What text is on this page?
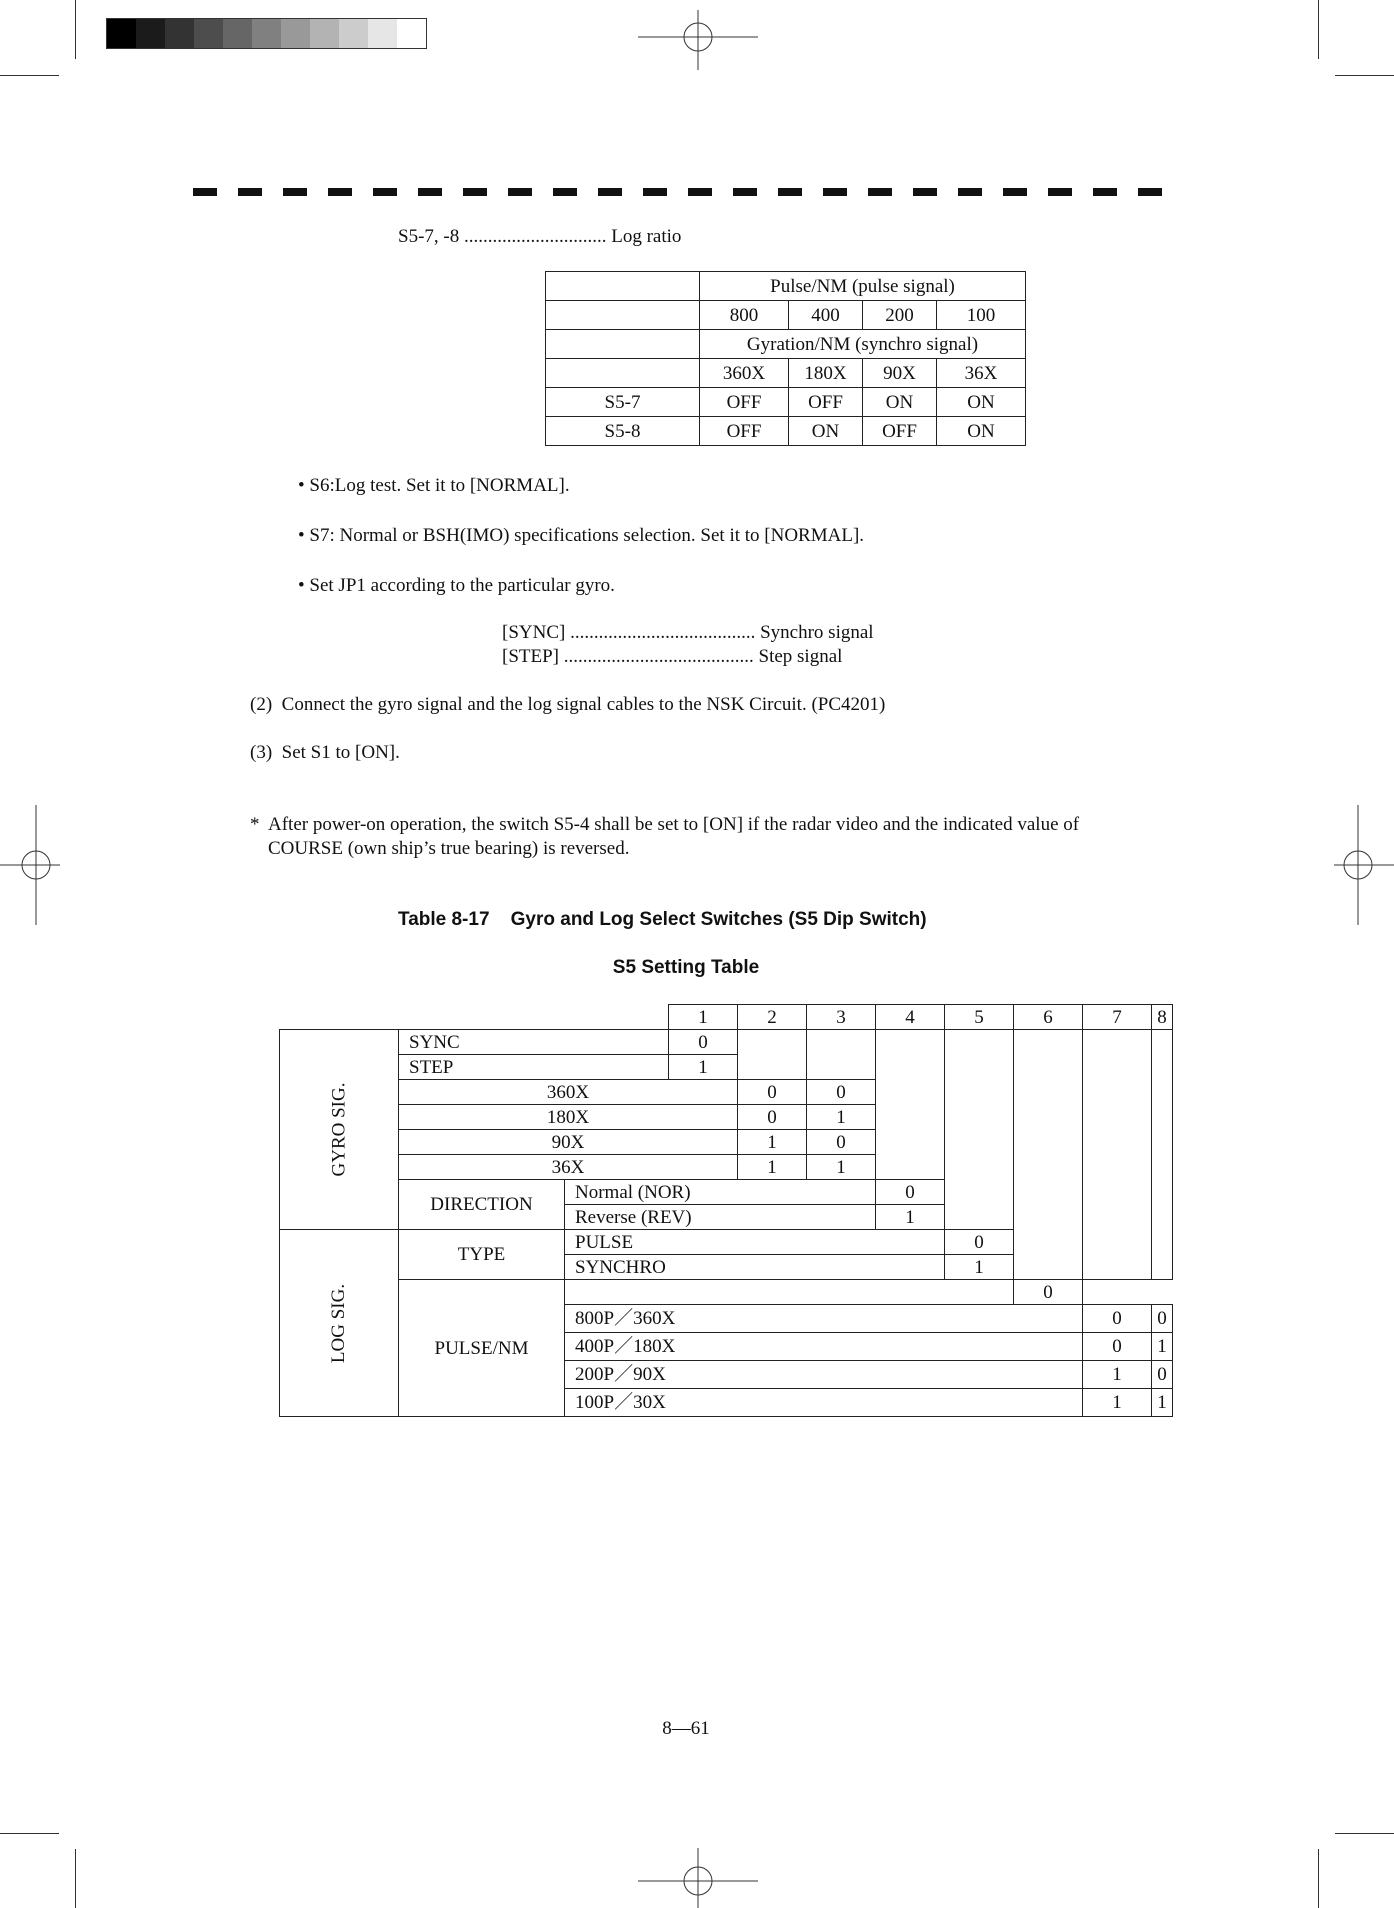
S5-7, -8 .............................. Log ratio
	Pulse/NM (pulse signal)			
	800	400	200	100
	Gyration/NM (synchro signal)			
	360X	180X	90X	36X
S5-7	OFF	OFF	ON	ON
S5-8	OFF	ON	OFF	ON
• S6:Log test. Set it to [NORMAL].
• S7: Normal or BSH(IMO) specifications selection. Set it to [NORMAL].
• Set JP1 according to the particular gyro.
[SYNC] ....................................... Synchro signal
[STEP] ........................................ Step signal
(2) Connect the gyro signal and the log signal cables to the NSK Circuit. (PC4201)
(3) Set S1 to [ON].
* After power-on operation, the switch S5-4 shall be set to [ON] if the radar video and the indicated value of
COURSE (own ship’s true bearing) is reversed.
Table 8-17    Gyro and Log Select Switches (S5 Dip Switch)
S5 Setting Table
				1	2	3	4	5	6	7	8
GYRO SIG.	SYNC			0							
	STEP			1							
	360X				0	0					
	180X				0	1					
	90X				1	0					
	36X				1	1					
	DIRECTION	Normal (NOR)					0				
		Reverse (REV)					1				
LOG SIG.	TYPE	PULSE						0			
		SYNCHRO						1			
	PULSE/NM								0		
		800P／360X								0	0
		400P／180X								0	1
		200P／90X								1	0
		100P／30X								1	1
8—61
